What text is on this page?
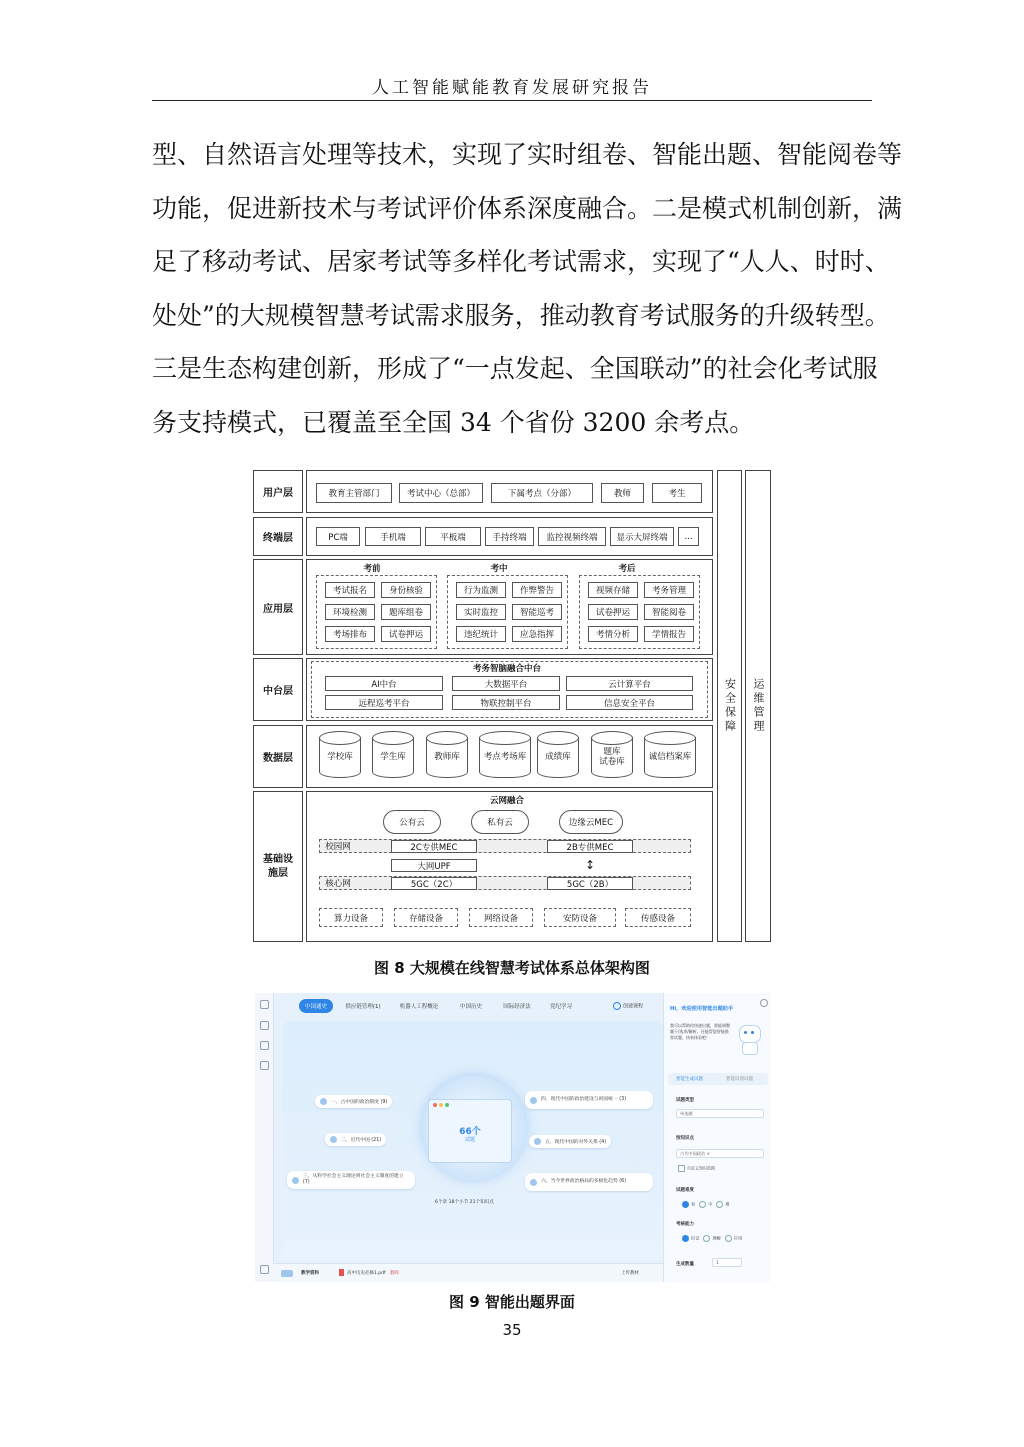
人工智能赋能教育发展研究报告

型、自然语言处理等技术，实现了实时组卷、智能出题、智能阅卷等

功能，促进新技术与考试评价体系深度融合。二是模式机制创新，满

足了移动考试、居家考试等多样化考试需求，实现了“人人、时时、

处处”的大规模智慧考试需求服务，推动教育考试服务的升级转型。

三是生态构建创新，形成了“一点发起、全国联动”的社会化考试服

务支持模式，已覆盖至全国 34 个省份 3200 余考点。

安全保障 运维管理
用户层	教育主管部门	考试中心（总部）	下属考点（分部）	教师	考生
终端层	PC端	手机端	平板端	手持终端	监控视频终端	显示大屏终端	...
应用层
考前	考中	考后
考试报名	身份核验
环境检测	题库组卷
考场排布	试卷押运
行为监测	作弊警告
实时监控	智能巡考
违纪统计	应急指挥
视频存储	考务管理
试卷押运	智能阅卷
考情分析	学情报告
中台层
考务智脑融合中台
AI中台	大数据平台	云计算平台
远程巡考平台	物联控制平台	信息安全平台
数据层	学校库	学生库	教师库	考点考场库	成绩库	题库
试卷库	诚信档案库
基础设施层
云网融合
公有云	私有云	边缘云MEC
校园网	2C专供MEC	2B专供MEC
大网UPF	↕
核心网	5GC（2C）	5GC（2B）
算力设备	存储设备	网络设备	安防设备	传感设备
图 8 大规模在线智慧考试体系总体架构图
中国通史	供应链管理(1)	机器人工程概论	中国历史	国际经济法	党纪学习	创建课程
66个
试题
6个章 18个小节 21个知识点
一、古中国的政治制度 (9)
二、近代中国 (21)
三、从科学社会主义理论到社会主义制度的建立 (7)
四、现代中国的政治建设与祖国统一 (3)
五、现代中国的对外关系 (4)
六、当今世界政治格局的多极化趋势 (6)
教学资料	高中历史必修1.pdf 删除	上传教材
Hi，欢迎使用智能出题助手
我可以帮助你快速出题，智能调整题干/选项/解析，还能帮您智能推荐试题，快来体验吧！
智能生成试题	智能识别试题
试题类型
单选题
按知识点
古代中国政治 ×
自定义知识范围
试题难度
易	中	难
考核能力
识记	理解	应用
生成数量	1
图 9 智能出题界面
35
